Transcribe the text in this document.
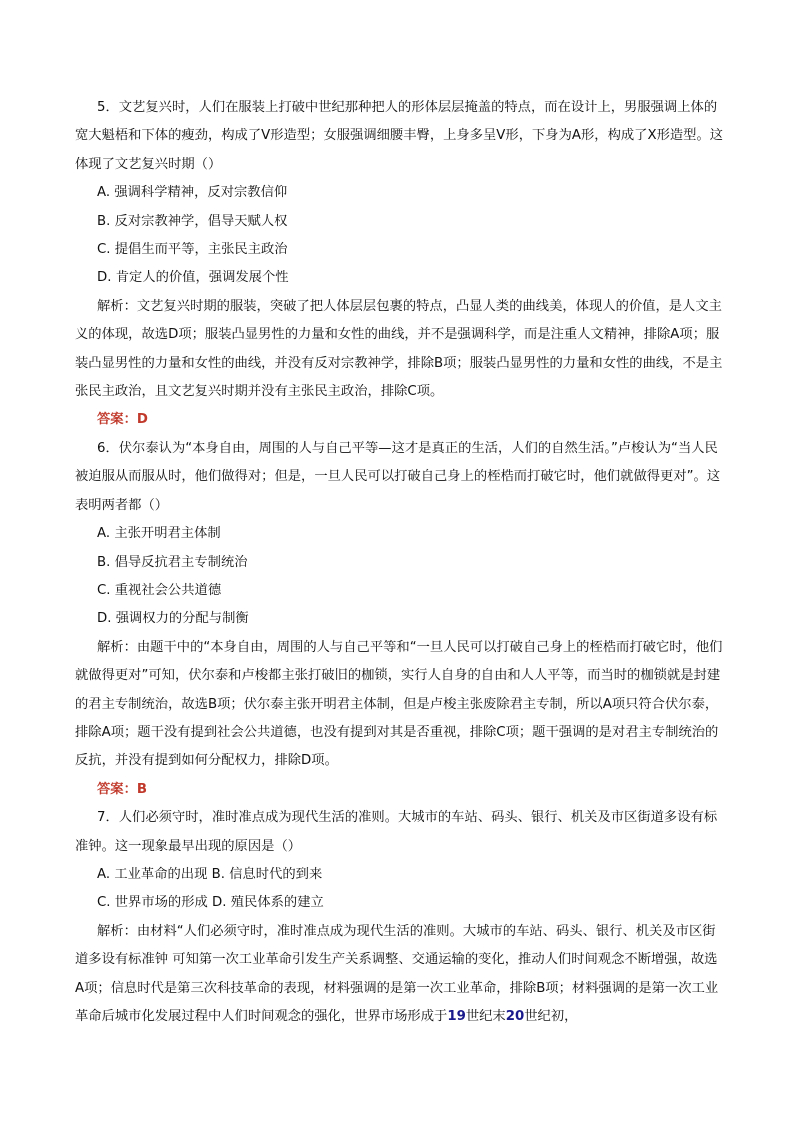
5．文艺复兴时，人们在服装上打破中世纪那种把人的形体层层掩盖的特点，而在设计上，男服强调上体的宽大魁梧和下体的瘦劲，构成了V形造型；女服强调细腰丰臀，上身多呈V形，下身为A形，构成了X形造型。这体现了文艺复兴时期（）

A. 强调科学精神，反对宗教信仰

B. 反对宗教神学，倡导天赋人权

C. 提倡生而平等，主张民主政治

D. 肯定人的价值，强调发展个性

解析：文艺复兴时期的服装，突破了把人体层层包裹的特点，凸显人类的曲线美，体现人的价值，是人文主义的体现，故选D项；服装凸显男性的力量和女性的曲线，并不是强调科学，而是注重人文精神，排除A项；服装凸显男性的力量和女性的曲线，并没有反对宗教神学，排除B项；服装凸显男性的力量和女性的曲线，不是主张民主政治，且文艺复兴时期并没有主张民主政治，排除C项。

答案：D

6．伏尔泰认为“本身自由，周围的人与自己平等—这才是真正的生活，人们的自然生活。”卢梭认为“当人民被迫服从而服从时，他们做得对；但是，一旦人民可以打破自己身上的桎梏而打破它时，他们就做得更对”。这表明两者都（）

A. 主张开明君主体制

B. 倡导反抗君主专制统治

C. 重视社会公共道德

D. 强调权力的分配与制衡

解析：由题干中的“本身自由，周围的人与自己平等和“一旦人民可以打破自己身上的桎梏而打破它时，他们就做得更对”可知，伏尔泰和卢梭都主张打破旧的枷锁，实行人自身的自由和人人平等，而当时的枷锁就是封建的君主专制统治，故选B项；伏尔泰主张开明君主体制，但是卢梭主张废除君主专制，所以A项只符合伏尔泰，排除A项；题干没有提到社会公共道德，也没有提到对其是否重视，排除C项；题干强调的是对君主专制统治的反抗，并没有提到如何分配权力，排除D项。

答案：B

7．人们必须守时，准时准点成为现代生活的准则。大城市的车站、码头、银行、机关及市区街道多设有标准钟。这一现象最早出现的原因是（）

A. 工业革命的出现 B. 信息时代的到来

C. 世界市场的形成 D. 殖民体系的建立

解析：由材料“人们必须守时，准时准点成为现代生活的准则。大城市的车站、码头、银行、机关及市区街道多设有标准钟 可知第一次工业革命引发生产关系调整、交通运输的变化，推动人们时间观念不断增强，故选A项；信息时代是第三次科技革命的表现，材料强调的是第一次工业革命，排除B项；材料强调的是第一次工业革命后城市化发展过程中人们时间观念的强化，世界市场形成于19世纪末20世纪初，
